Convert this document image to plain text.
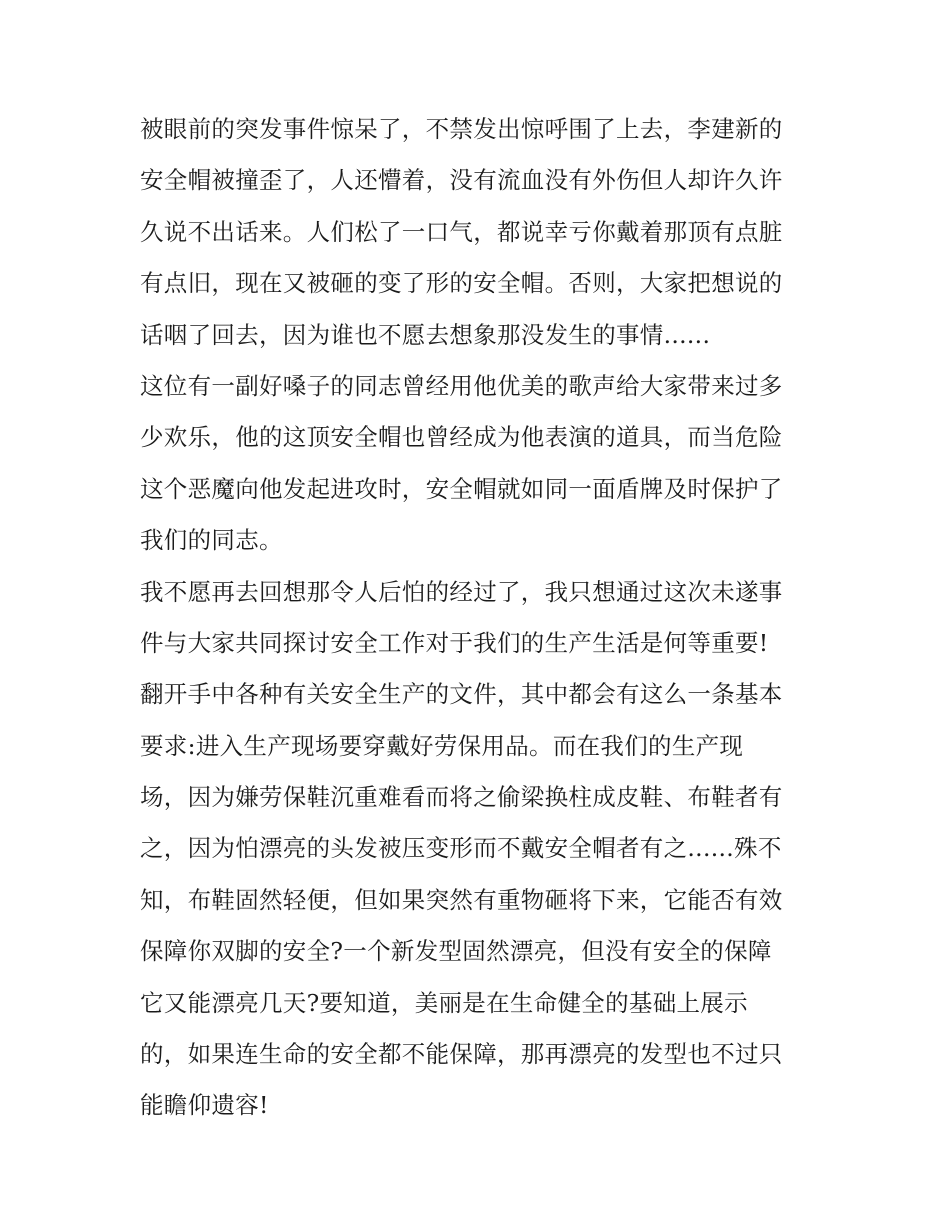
被眼前的突发事件惊呆了，不禁发出惊呼围了上去，李建新的
安全帽被撞歪了，人还懵着，没有流血没有外伤但人却许久许
久说不出话来。人们松了一口气，都说幸亏你戴着那顶有点脏
有点旧，现在又被砸的变了形的安全帽。否则，大家把想说的
话咽了回去，因为谁也不愿去想象那没发生的事情......
这位有一副好嗓子的同志曾经用他优美的歌声给大家带来过多
少欢乐，他的这顶安全帽也曾经成为他表演的道具，而当危险
这个恶魔向他发起进攻时，安全帽就如同一面盾牌及时保护了
我们的同志。
我不愿再去回想那令人后怕的经过了，我只想通过这次未遂事
件与大家共同探讨安全工作对于我们的生产生活是何等重要!
翻开手中各种有关安全生产的文件，其中都会有这么一条基本
要求:进入生产现场要穿戴好劳保用品。而在我们的生产现
场，因为嫌劳保鞋沉重难看而将之偷梁换柱成皮鞋、布鞋者有
之，因为怕漂亮的头发被压变形而不戴安全帽者有之......殊不
知，布鞋固然轻便，但如果突然有重物砸将下来，它能否有效
保障你双脚的安全?一个新发型固然漂亮，但没有安全的保障
它又能漂亮几天?要知道，美丽是在生命健全的基础上展示
的，如果连生命的安全都不能保障，那再漂亮的发型也不过只
能瞻仰遗容!
